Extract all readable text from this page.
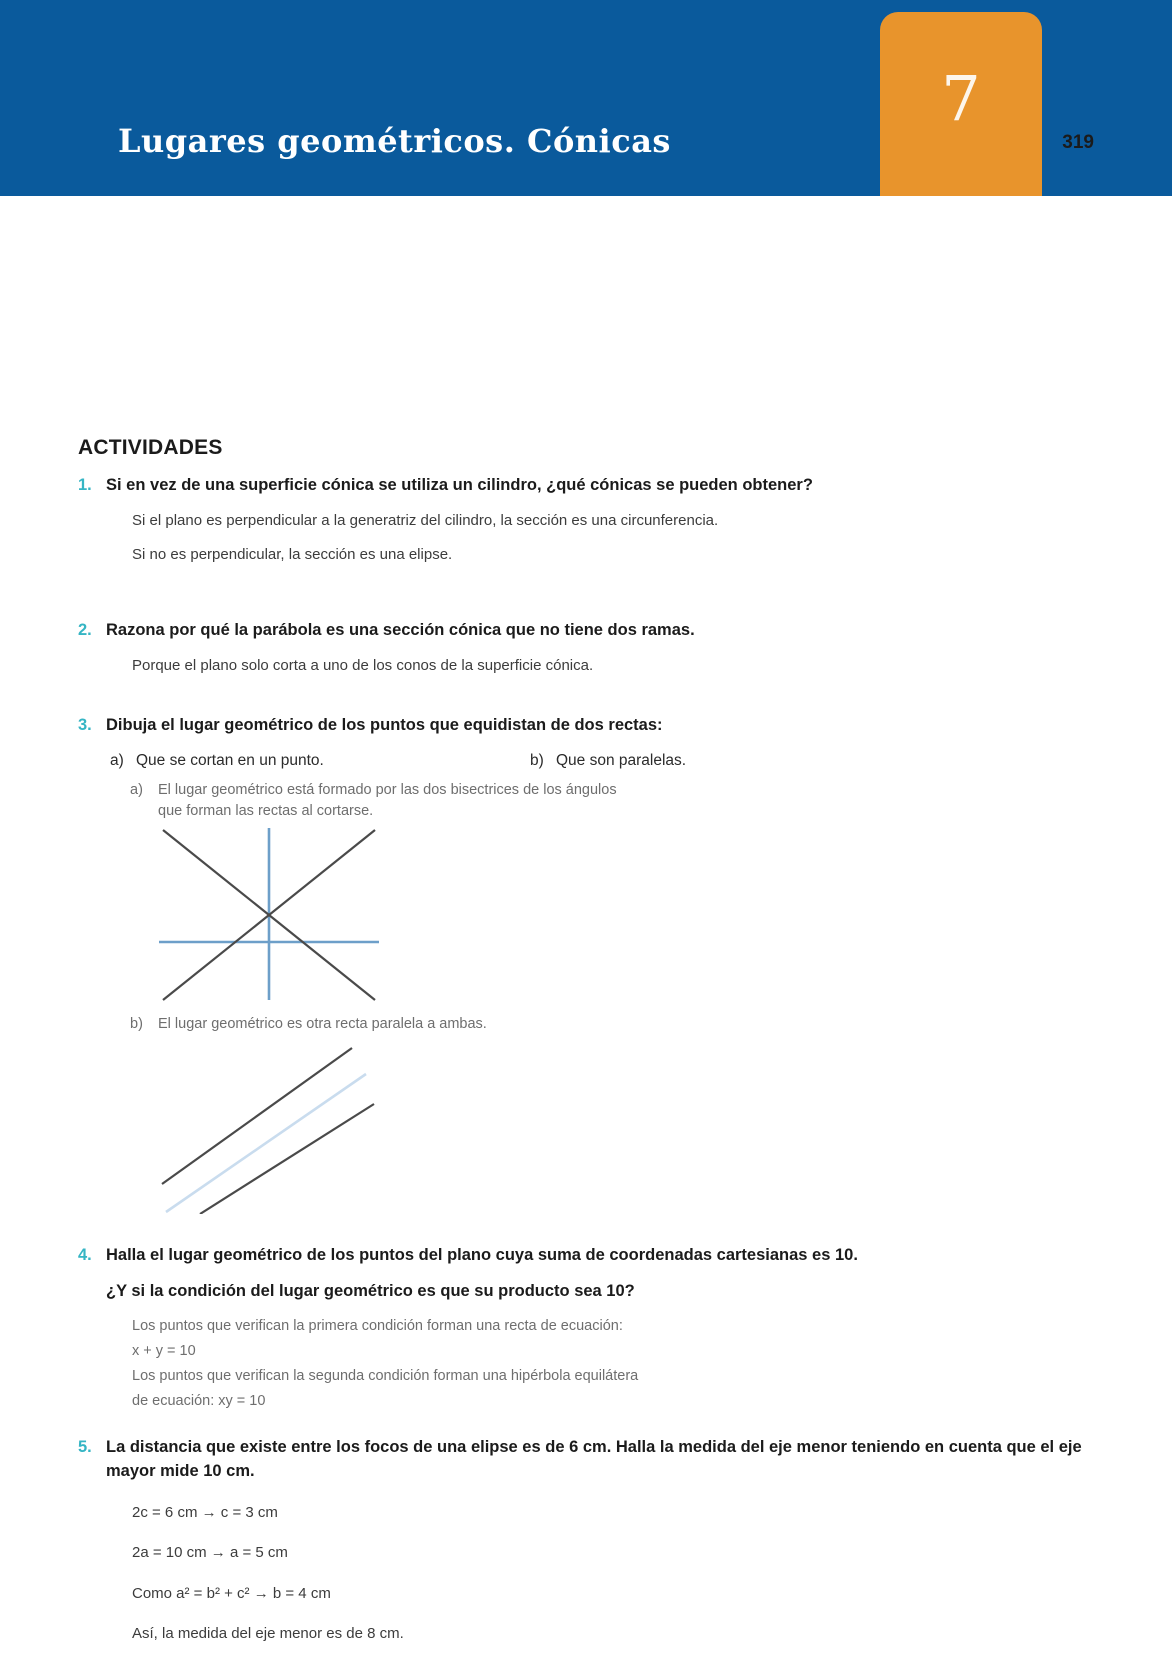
Lugares geométricos. Cónicas
7
ACTIVIDADES
1. Si en vez de una superficie cónica se utiliza un cilindro, ¿qué cónicas se pueden obtener?
Si el plano es perpendicular a la generatriz del cilindro, la sección es una circunferencia.
Si no es perpendicular, la sección es una elipse.
2. Razona por qué la parábola es una sección cónica que no tiene dos ramas.
Porque el plano solo corta a uno de los conos de la superficie cónica.
3. Dibuja el lugar geométrico de los puntos que equidistan de dos rectas:
a) Que se cortan en un punto.	b) Que son paralelas.
a)	El lugar geométrico está formado por las dos bisectrices de los ángulos
que forman las rectas al cortarse.
b)	El lugar geométrico es otra recta paralela a ambas.
4. Halla el lugar geométrico de los puntos del plano cuya suma de coordenadas cartesianas es 10.
¿Y si la condición del lugar geométrico es que su producto sea 10?
Los puntos que verifican la primera condición forman una recta de ecuación:
x + y = 10
Los puntos que verifican la segunda condición forman una hipérbola equilátera
de ecuación: xy = 10
5. La distancia que existe entre los focos de una elipse es de 6 cm. Halla la medida del eje menor teniendo en cuenta que el eje mayor mide 10 cm.
2c = 6 cm → c = 3 cm
2a = 10 cm → a = 5 cm
Como a² = b² + c² → b = 4 cm
Así, la medida del eje menor es de 8 cm.
319
